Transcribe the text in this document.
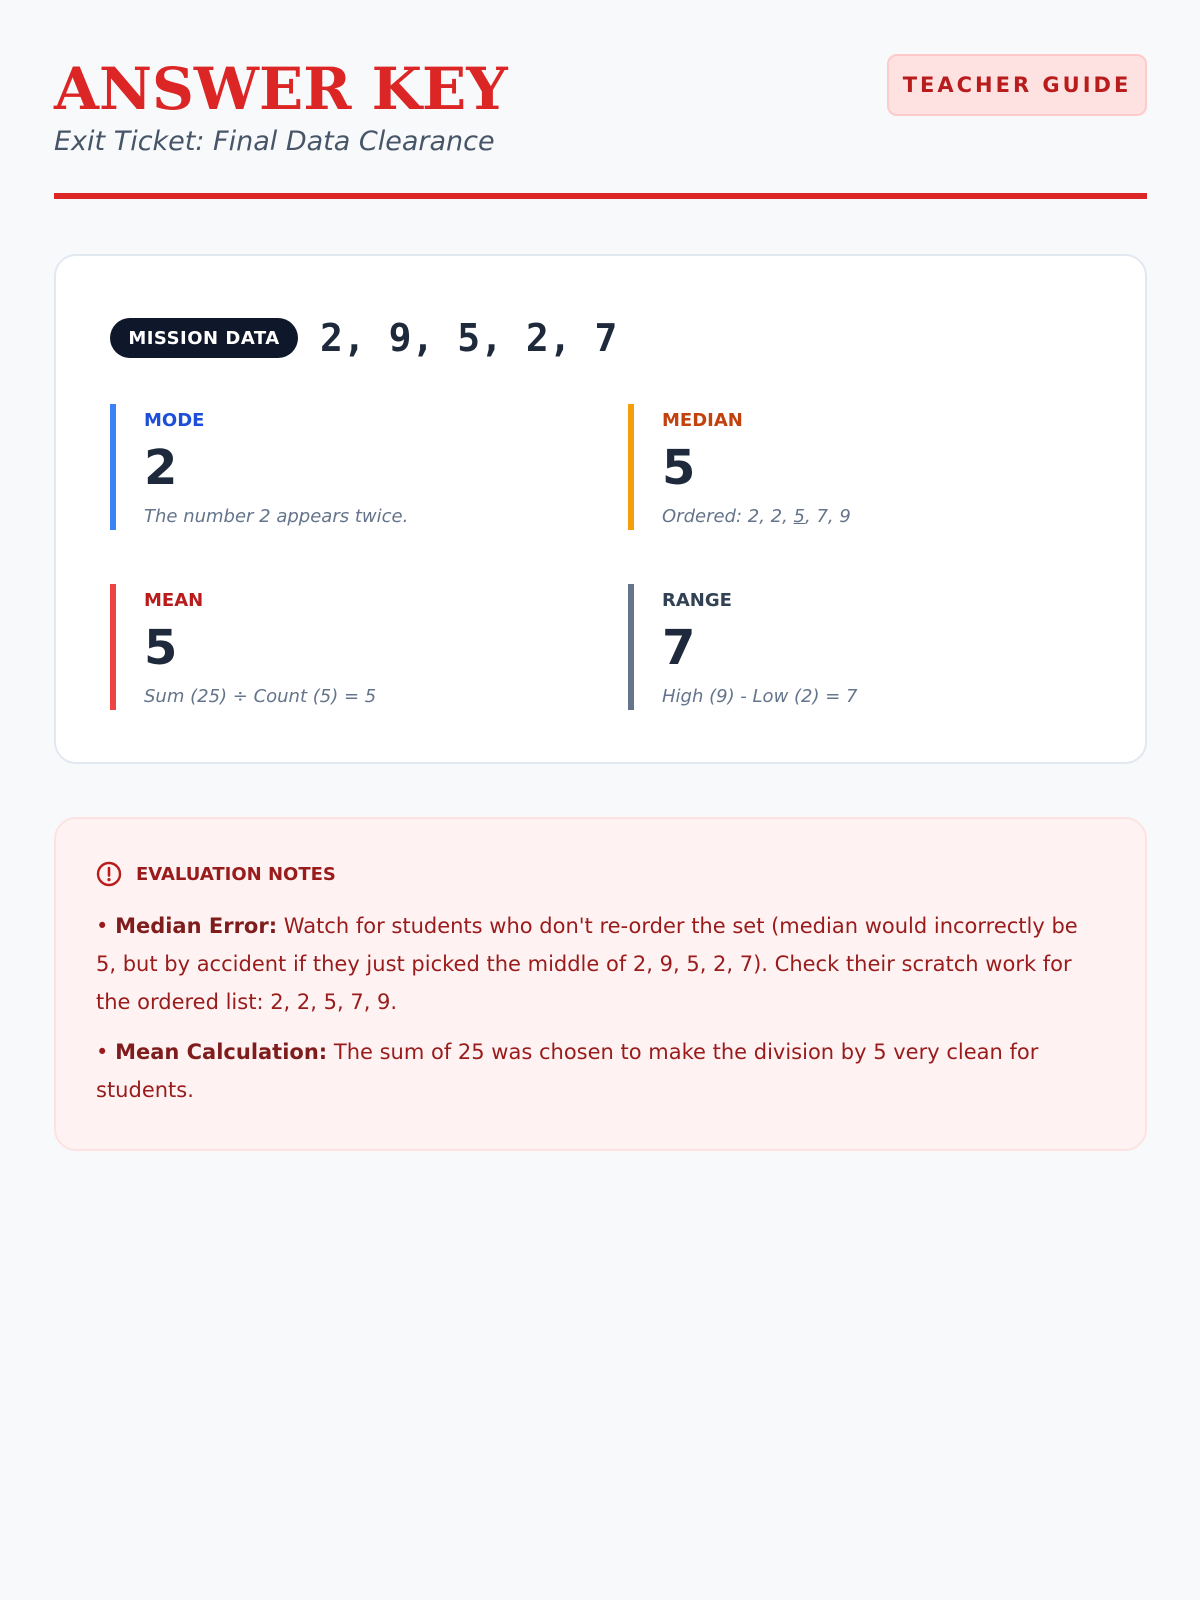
ANSWER KEY
Exit Ticket: Final Data Clearance
TEACHER GUIDE
MISSION DATA	2, 9, 5, 2, 7
MODE
2
The number 2 appears twice.
MEDIAN
5
Ordered: 2, 2, 5, 7, 9
MEAN
5
Sum (25) ÷ Count (5) = 5
RANGE
7
High (9) - Low (2) = 7
EVALUATION NOTES

• Median Error: Watch for students who don't re-order the set (median would incorrectly be 5, but by accident if they just picked the middle of 2, 9, 5, 2, 7). Check their scratch work for the ordered list: 2, 2, 5, 7, 9.

• Mean Calculation: The sum of 25 was chosen to make the division by 5 very clean for students.
